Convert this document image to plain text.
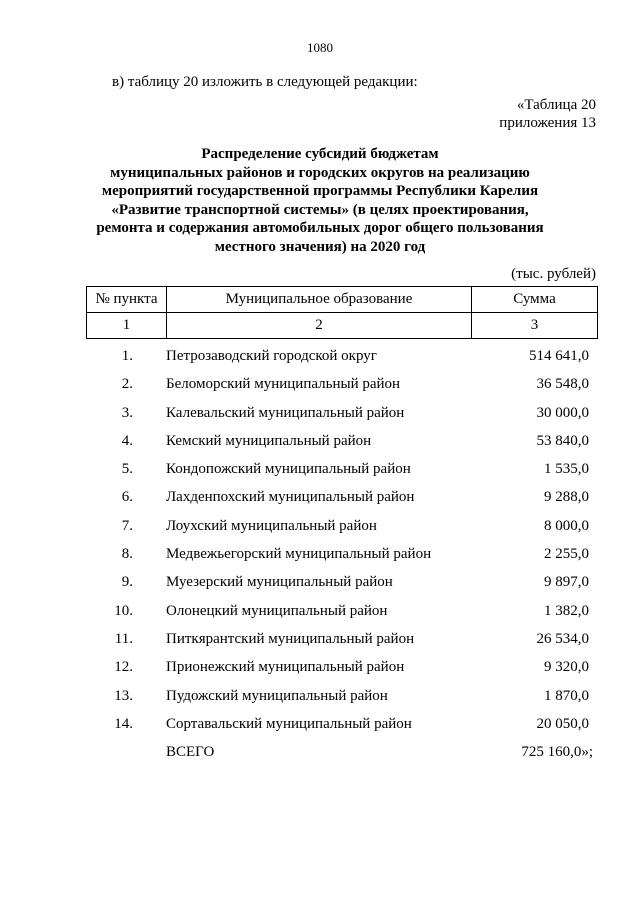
1080
в) таблицу 20 изложить в следующей редакции:
«Таблица 20
приложения 13
Распределение субсидий бюджетам
муниципальных районов и городских округов на реализацию
мероприятий государственной программы Республики Карелия
«Развитие транспортной системы» (в целях проектирования,
ремонта и содержания автомобильных дорог общего пользования
местного значения) на 2020 год
(тыс. рублей)
№ пункта	Муниципальное образование	Сумма
1	2	3
1. Петрозаводский городской округ	514 641,0
2. Беломорский муниципальный район	36 548,0
3. Калевальский муниципальный район	30 000,0
4. Кемский муниципальный район	53 840,0
5. Кондопожский муниципальный район	1 535,0
6. Лахденпохский муниципальный район	9 288,0
7. Лоухский муниципальный район	8 000,0
8. Медвежьегорский муниципальный район	2 255,0
9. Муезерский муниципальный район	9 897,0
10. Олонецкий муниципальный район	1 382,0
11. Питкярантский муниципальный район	26 534,0
12. Прионежский муниципальный район	9 320,0
13. Пудожский муниципальный район	1 870,0
14. Сортавальский муниципальный район	20 050,0
ВСЕГО	725 160,0»;
